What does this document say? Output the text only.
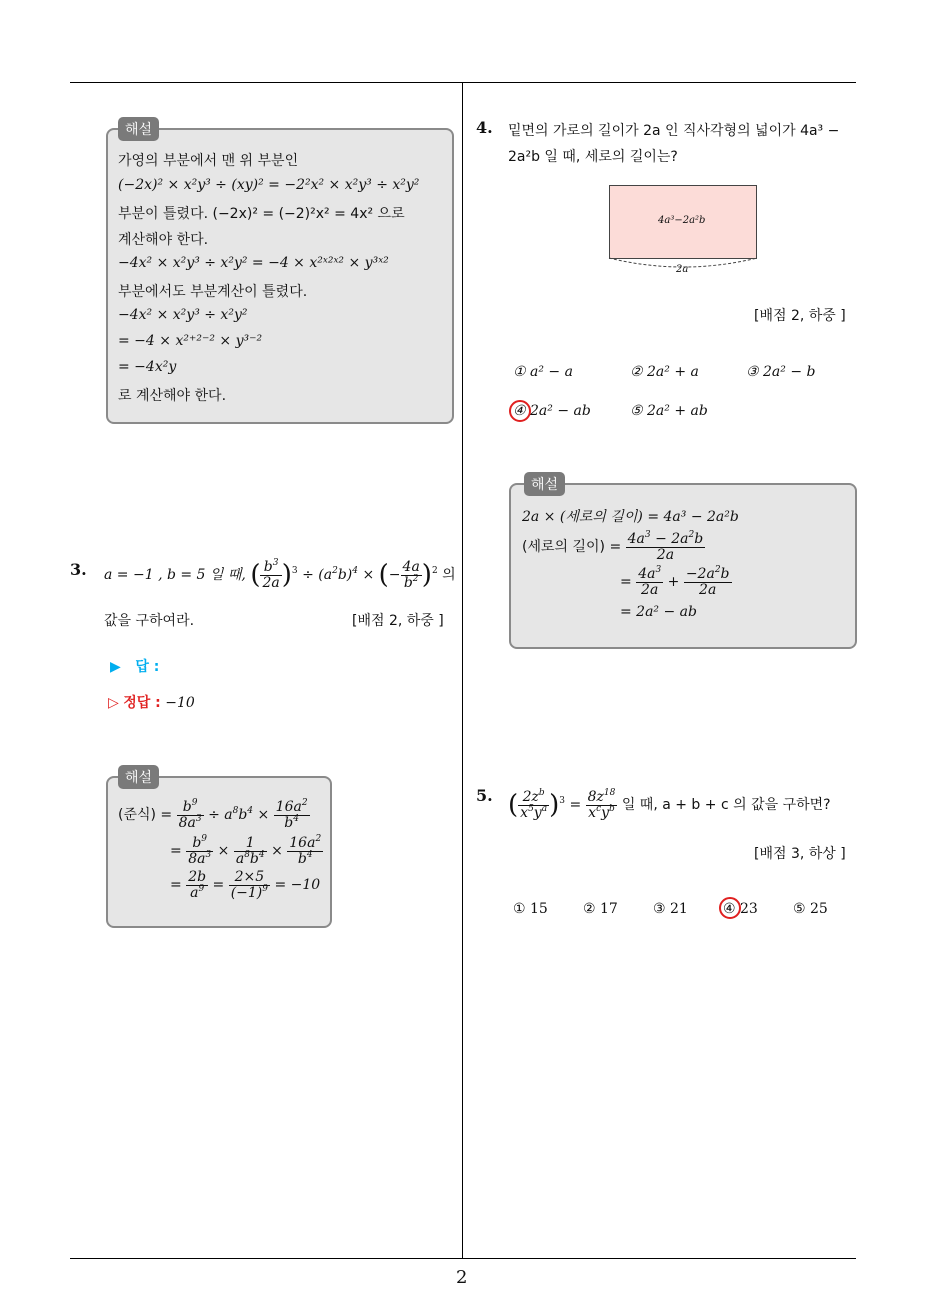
2
해설
가영의 부분에서 맨 위 부분인
(−2x)² × x²y³ ÷ (xy)² = −2²x² × x²y³ ÷ x²y²
부분이 틀렸다. (−2x)² = (−2)²x² = 4x² 으로
계산해야 한다.
−4x² × x²y³ ÷ x²y² = −4 × x²ˣ²ˣ² × y³ˣ²
부분에서도 부분계산이 틀렸다.
−4x² × x²y³ ÷ x²y²
= −4 × x²⁺²⁻² × y³⁻²
= −4x²y
로 계산해야 한다.
3. a = −1 , b = 5 일 때, ( $\frac{b^3}{2a} )^3 \div (a^2b)^4$ × (− $\frac{4a}{b^2} )^2$ 의
값을 구하여라.	[배점 2, 하중 ]
▶ 답 :
▷ 정답 : −10
해설
(준식) = $\frac{b^9}{8a^3} \div a^8b^4 \times \frac{16a^2}{b^4}$
= $\frac{b^9}{8a^3} \times \frac{1}{a^8b^4} \times \frac{16a^2}{b^4}$
= $\frac{2b}{a^9} = \frac{2\times 5}{(-1)^9} = -10$
4. 밑면의 가로의 길이가 2a 인 직사각형의 넓이가 4a³ −
2a²b 일 때, 세로의 길이는?
4a³−2a²b
2a
[배점 2, 하중 ]
① a² − a	② 2a² + a	③ 2a² − b
④ 2a² − ab	⑤ 2a² + ab
해설
2a × (세로의 길이) = 4a³ − 2a²b
(세로의 길이) = $\frac{4a^3 - 2a^2b}{2a}$
= $\frac{4a^3}{2a} + \frac{-2a^2b}{2a}$
= 2a² − ab
5. ( $\frac{2z^b}{x^5y^a} )^3 = \frac{8z^{18}}{x^cy^b}$ 일 때, a + b + c 의 값을 구하면?
[배점 3, 하상 ]
① 15	② 17	③ 21	④ 23	⑤ 25
